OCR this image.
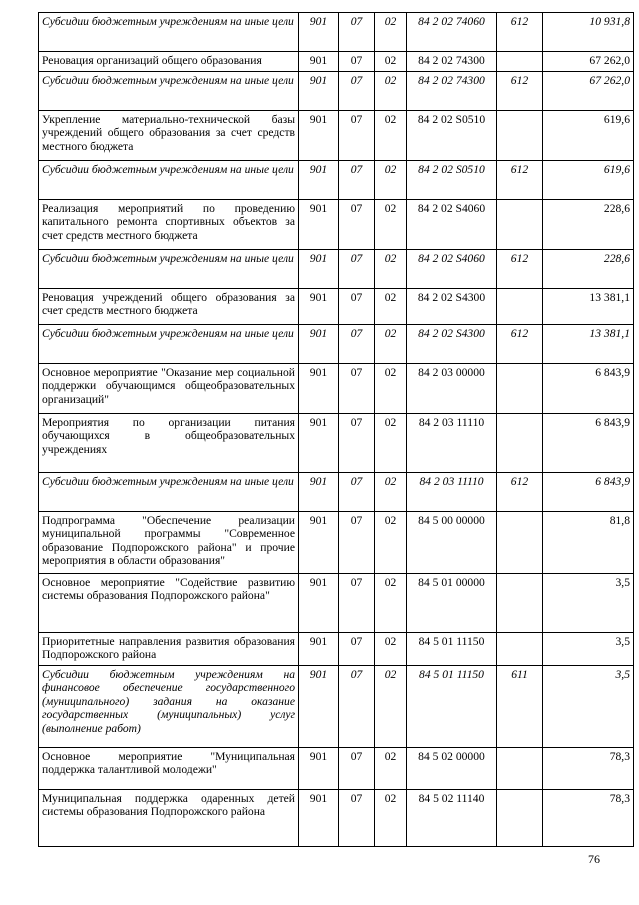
Субсидии бюджетным учреждениям на иные цели	901	07	02	84 2 02 74060	612	10 931,8
Реновация организаций общего образования	901	07	02	84 2 02 74300		67 262,0
Субсидии бюджетным учреждениям на иные цели	901	07	02	84 2 02 74300	612	67 262,0
Укрепление материально-технической базы учреждений общего образования за счет средств местного бюджета	901	07	02	84 2 02 S0510		619,6
Субсидии бюджетным учреждениям на иные цели	901	07	02	84 2 02 S0510	612	619,6
Реализация мероприятий по проведению капитального ремонта спортивных объектов за счет средств местного бюджета	901	07	02	84 2 02 S4060		228,6
Субсидии бюджетным учреждениям на иные цели	901	07	02	84 2 02 S4060	612	228,6
Реновация учреждений общего образования за счет средств местного бюджета	901	07	02	84 2 02 S4300		13 381,1
Субсидии бюджетным учреждениям на иные цели	901	07	02	84 2 02 S4300	612	13 381,1
Основное мероприятие "Оказание мер социальной поддержки обучающимся общеобразовательных организаций"	901	07	02	84 2 03 00000		6 843,9
Мероприятия по организации питания обучающихся в общеобразовательных учреждениях	901	07	02	84 2 03 11110		6 843,9
Субсидии бюджетным учреждениям на иные цели	901	07	02	84 2 03 11110	612	6 843,9
Подпрограмма "Обеспечение реализации муниципальной программы "Современное образование Подпорожского района" и прочие мероприятия в области образования"	901	07	02	84 5 00 00000		81,8
Основное мероприятие "Содействие развитию системы образования Подпорожского района"	901	07	02	84 5 01 00000		3,5
Приоритетные направления развития образования Подпорожского района	901	07	02	84 5 01 11150		3,5
Субсидии бюджетным учреждениям на финансовое обеспечение государственного (муниципального) задания на оказание государственных (муниципальных) услуг (выполнение работ)	901	07	02	84 5 01 11150	611	3,5
Основное мероприятие "Муниципальная поддержка талантливой молодежи"	901	07	02	84 5 02 00000		78,3
Муниципальная поддержка одаренных детей системы образования Подпорожского района	901	07	02	84 5 02 11140		78,3
76
